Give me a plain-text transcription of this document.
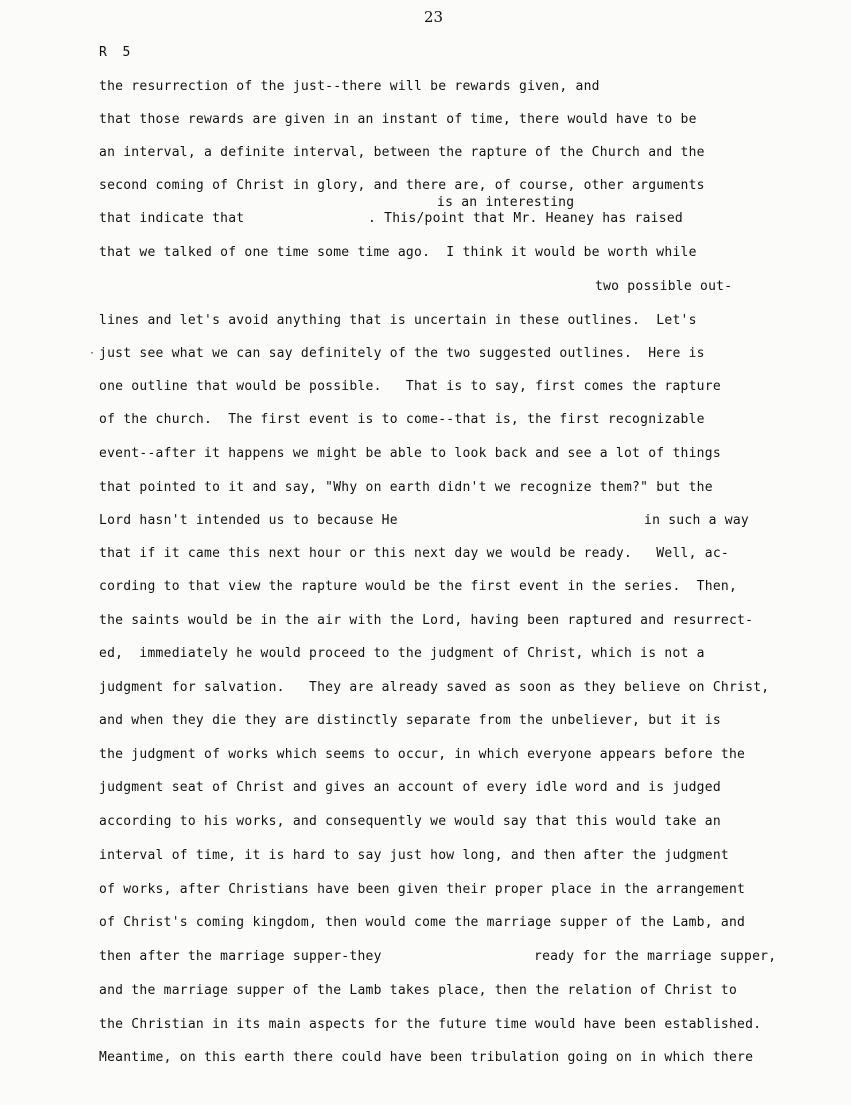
23
R  5
the resurrection of the just--there will be rewards given, and
that those rewards are given in an instant of time, there would have to be
an interval, a definite interval, between the rapture of the Church and the
second coming of Christ in glory, and there are, of course, other arguments
that indicate that
is an interesting
. This/point that Mr. Heaney has raised
that we talked of one time some time ago.  I think it would be worth while
two possible out-
lines and let's avoid anything that is uncertain in these outlines.  Let's
just see what we can say definitely of the two suggested outlines.  Here is
one outline that would be possible.   That is to say, first comes the rapture
of the church.  The first event is to come--that is, the first recognizable
event--after it happens we might be able to look back and see a lot of things
that pointed to it and say, "Why on earth didn't we recognize them?" but the
Lord hasn't intended us to because He	in such a way
that if it came this next hour or this next day we would be ready.   Well, ac-
cording to that view the rapture would be the first event in the series.  Then,
the saints would be in the air with the Lord, having been raptured and resurrect-
ed,  immediately he would proceed to the judgment of Christ, which is not a
judgment for salvation.   They are already saved as soon as they believe on Christ,
and when they die they are distinctly separate from the unbeliever, but it is
the judgment of works which seems to occur, in which everyone appears before the
judgment seat of Christ and gives an account of every idle word and is judged
according to his works, and consequently we would say that this would take an
interval of time, it is hard to say just how long, and then after the judgment
of works, after Christians have been given their proper place in the arrangement
of Christ's coming kingdom, then would come the marriage supper of the Lamb, and
then after the marriage supper-they	ready for the marriage supper,
and the marriage supper of the Lamb takes place, then the relation of Christ to
the Christian in its main aspects for the future time would have been established.
Meantime, on this earth there could have been tribulation going on in which there
·
